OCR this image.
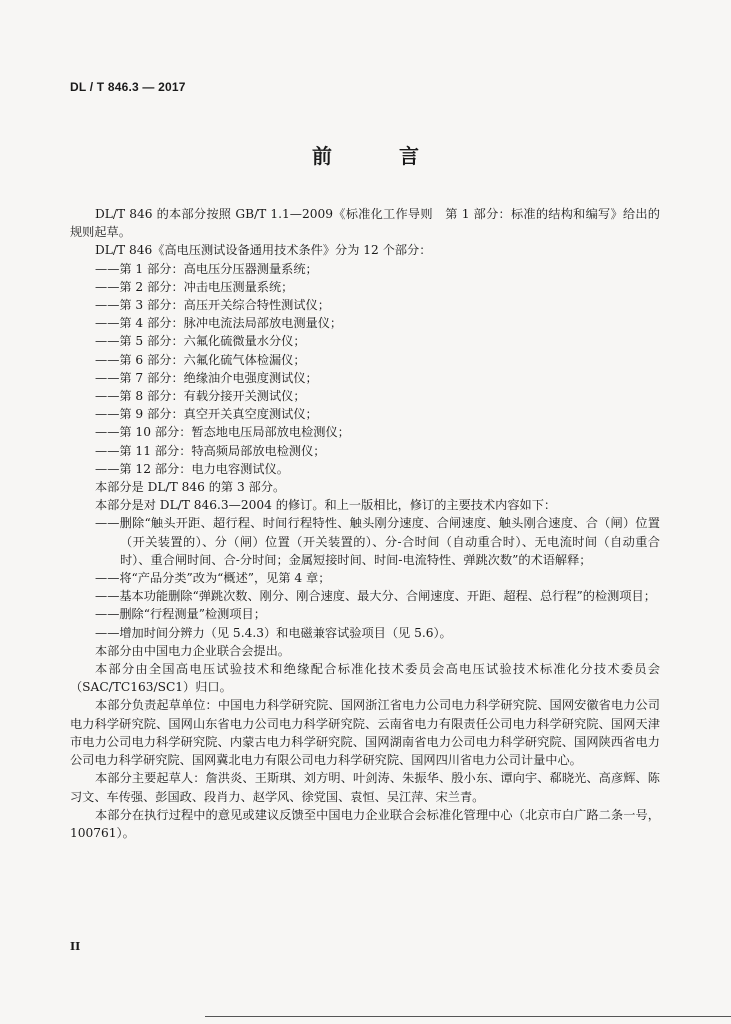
DL / T 846.3 — 2017
前 言

DL/T 846 的本部分按照 GB/T 1.1—2009《标准化工作导则　第 1 部分：标准的结构和编写》给出的规则起草。

DL/T 846《高电压测试设备通用技术条件》分为 12 个部分：

——第 1 部分：高电压分压器测量系统；

——第 2 部分：冲击电压测量系统；

——第 3 部分：高压开关综合特性测试仪；

——第 4 部分：脉冲电流法局部放电测量仪；

——第 5 部分：六氟化硫微量水分仪；

——第 6 部分：六氟化硫气体检漏仪；

——第 7 部分：绝缘油介电强度测试仪；

——第 8 部分：有载分接开关测试仪；

——第 9 部分：真空开关真空度测试仪；

——第 10 部分：暂态地电压局部放电检测仪；

——第 11 部分：特高频局部放电检测仪；

——第 12 部分：电力电容测试仪。

本部分是 DL/T 846 的第 3 部分。

本部分是对 DL/T 846.3—2004 的修订。和上一版相比，修订的主要技术内容如下：

——删除“触头开距、超行程、时间行程特性、触头刚分速度、合闸速度、触头刚合速度、合（闸）位置（开关装置的）、分（闸）位置（开关装置的）、分-合时间（自动重合时）、无电流时间（自动重合时）、重合闸时间、合-分时间；金属短接时间、时间-电流特性、弹跳次数”的术语解释；

——将“产品分类”改为“概述”，见第 4 章；

——基本功能删除“弹跳次数、刚分、刚合速度、最大分、合闸速度、开距、超程、总行程”的检测项目；

——删除“行程测量”检测项目；

——增加时间分辨力（见 5.4.3）和电磁兼容试验项目（见 5.6）。

本部分由中国电力企业联合会提出。

本部分由全国高电压试验技术和绝缘配合标准化技术委员会高电压试验技术标准化分技术委员会（SAC/TC163/SC1）归口。

本部分负责起草单位：中国电力科学研究院、国网浙江省电力公司电力科学研究院、国网安徽省电力公司电力科学研究院、国网山东省电力公司电力科学研究院、云南省电力有限责任公司电力科学研究院、国网天津市电力公司电力科学研究院、内蒙古电力科学研究院、国网湖南省电力公司电力科学研究院、国网陕西省电力公司电力科学研究院、国网冀北电力有限公司电力科学研究院、国网四川省电力公司计量中心。

本部分主要起草人：詹洪炎、王斯琪、刘方明、叶剑涛、朱振华、殷小东、谭向宇、郗晓光、高彦辉、陈习文、车传强、彭国政、段肖力、赵学风、徐党国、袁恒、吴江萍、宋兰青。

本部分在执行过程中的意见或建议反馈至中国电力企业联合会标准化管理中心（北京市白广路二条一号，100761）。

II
